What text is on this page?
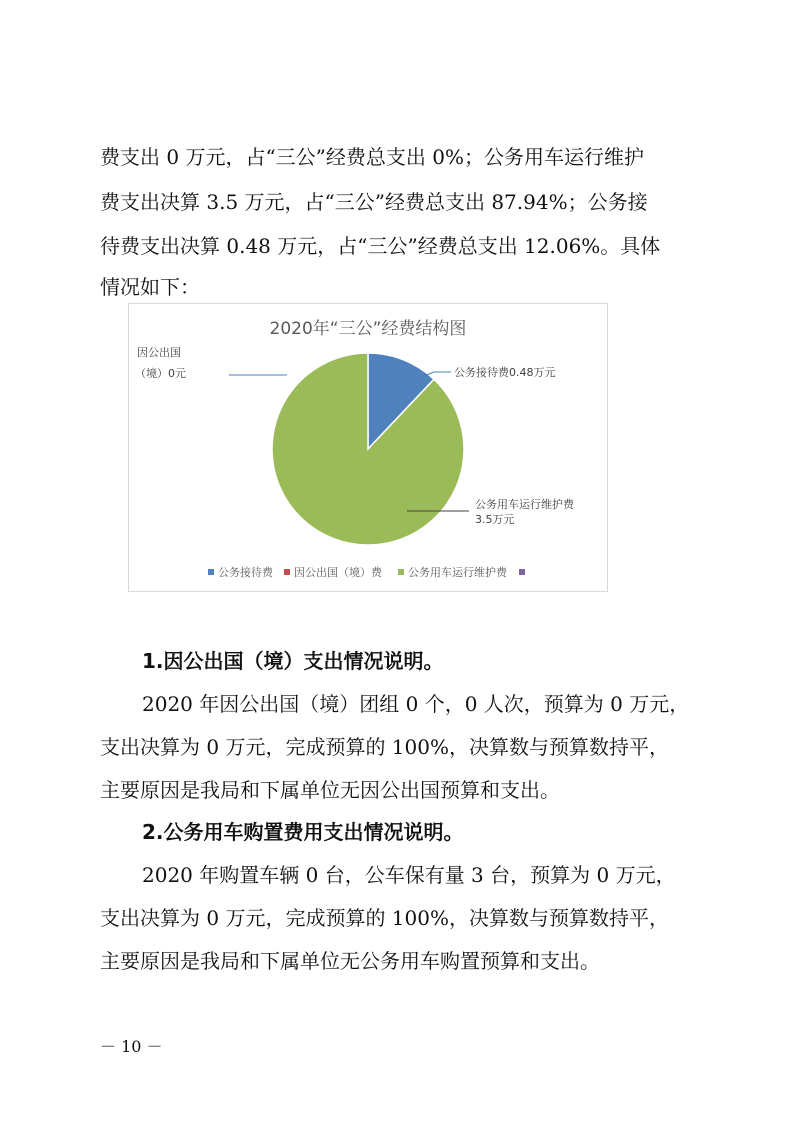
费支出 0 万元，占“三公”经费总支出 0%；公务用车运行维护
费支出决算 3.5 万元，占“三公”经费总支出 87.94%；公务接
待费支出决算 0.48 万元，占“三公”经费总支出 12.06%。具体
情况如下：
2020年“三公”经费结构图
公务接待费0.48万元
因公出国
（境）0元
公务用车运行维护费
3.5万元
公务接待费 因公出国（境）费 公务用车运行维护费
1.因公出国（境）支出情况说明。
2020 年因公出国（境）团组 0 个，0 人次，预算为 0 万元，
支出决算为 0 万元，完成预算的 100%，决算数与预算数持平，
主要原因是我局和下属单位无因公出国预算和支出。
2.公务用车购置费用支出情况说明。
2020 年购置车辆 0 台，公车保有量 3 台，预算为 0 万元，
支出决算为 0 万元，完成预算的 100%，决算数与预算数持平，
主要原因是我局和下属单位无公务用车购置预算和支出。
－ 10 －
